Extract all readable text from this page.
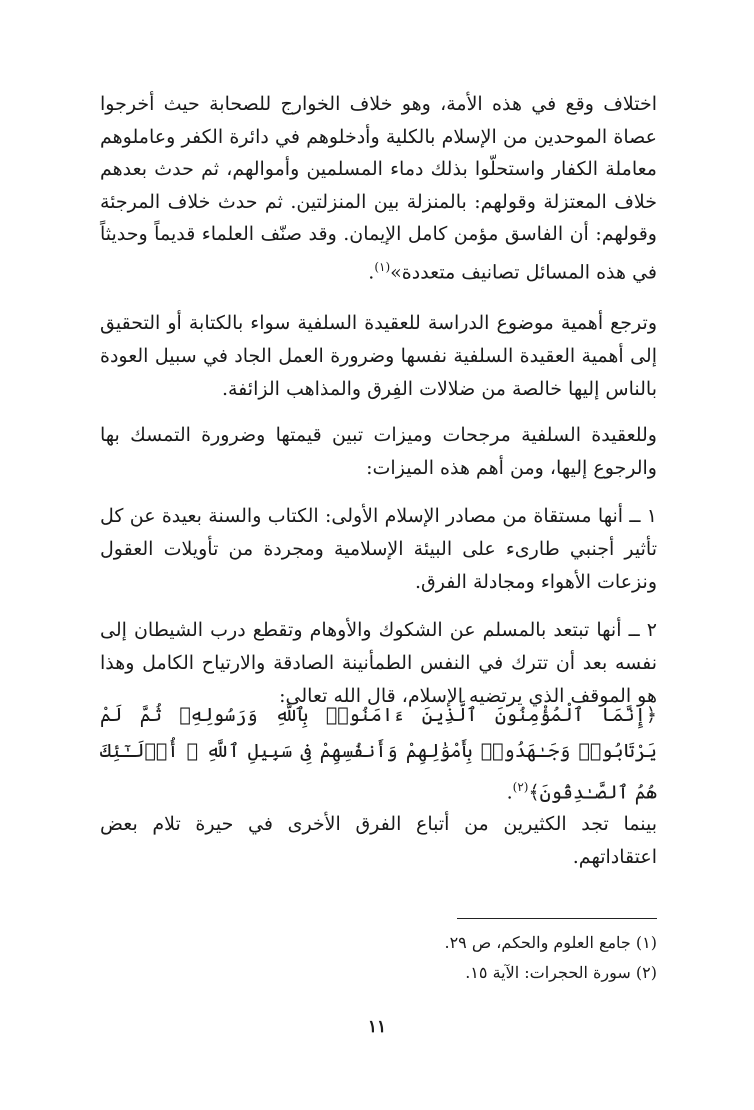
اختلاف وقع في هذه الأمة، وهو خلاف الخوارج للصحابة حيث أخرجوا عصاة الموحدين من الإسلام بالكلية وأدخلوهم في دائرة الكفر وعاملوهم معاملة الكفار واستحلّوا بذلك دماء المسلمين وأموالهم، ثم حدث بعدهم خلاف المعتزلة وقولهم: بالمنزلة بين المنزلتين. ثم حدث خلاف المرجئة وقولهم: أن الفاسق مؤمن كامل الإيمان. وقد صنّف العلماء قديماً وحديثاً في هذه المسائل تصانيف متعددة»$^{(١)}$.
وترجع أهمية موضوع الدراسة للعقيدة السلفية سواء بالكتابة أو التحقيق إلى أهمية العقيدة السلفية نفسها وضرورة العمل الجاد في سبيل العودة بالناس إليها خالصة من ضلالات الفِرق والمذاهب الزائفة.
وللعقيدة السلفية مرجحات وميزات تبين قيمتها وضرورة التمسك بها والرجوع إليها، ومن أهم هذه الميزات:
١ ــ أنها مستقاة من مصادر الإسلام الأولى: الكتاب والسنة بعيدة عن كل تأثير أجنبي طارىء على البيئة الإسلامية ومجردة من تأويلات العقول ونزعات الأهواء ومجادلة الفرق.
٢ ــ أنها تبتعد بالمسلم عن الشكوك والأوهام وتقطع درب الشيطان إلى نفسه بعد أن تترك في النفس الطمأنينة الصادقة والارتياح الكامل وهذا هو الموقف الذي يرتضيه الإسلام، قال الله تعالى:
﴿إِنَّمَا ٱلْمُؤْمِنُونَ ٱلَّذِينَ ءَامَنُوا۟ بِٱللَّهِ وَرَسُولِهِۦ ثُمَّ لَمْ يَرْتَابُوا۟ وَجَـٰهَدُوا۟ بِأَمْوَٰلِهِمْ وَأَنفُسِهِمْ فِى سَبِيلِ ٱللَّهِ ۚ أُو۟لَـٰٓئِكَ هُمُ ٱلصَّـٰدِقُونَ﴾$^{(٢)}$.
بينما تجد الكثيرين من أتباع الفرق الأخرى في حيرة تلام بعض اعتقاداتهم.
(١) جامع العلوم والحكم، ص ٢٩.
(٢) سورة الحجرات: الآية ١٥.
١١
